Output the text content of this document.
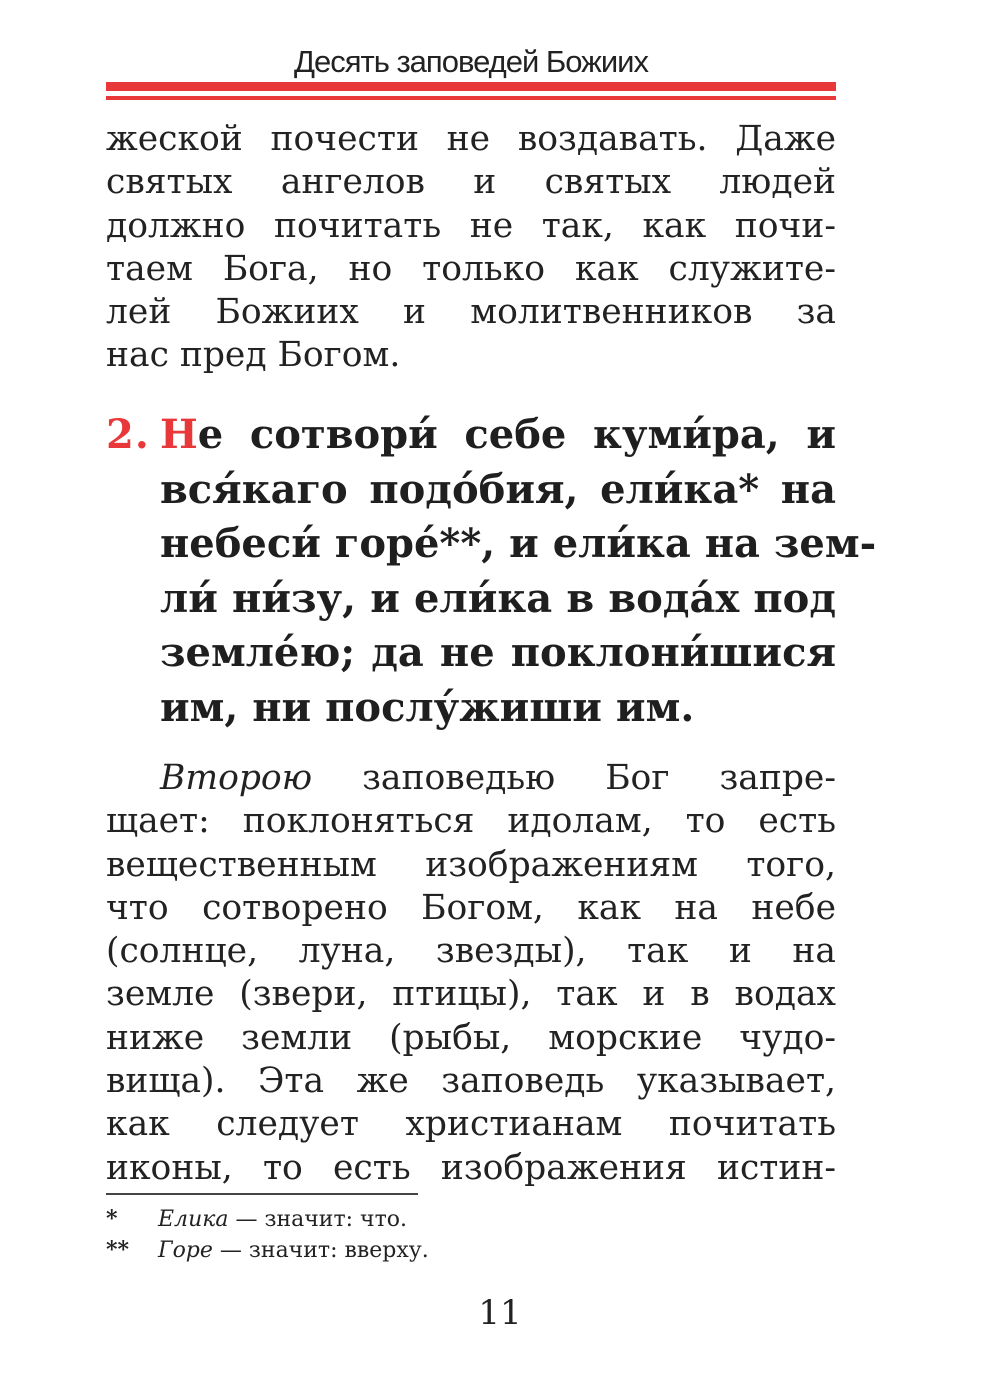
Десять заповедей Божиих
жеской почести не воздавать. Даже
святых ангелов и святых людей
должно почитать не так, как почи-
таем Бога, но только как служите-
лей Божиих и молитвенников за
нас пред Богом.
2. Не сотвори́ себе куми́ра, и
вся́каго подо́бия, ели́ка* на
небеси́ горе́**, и ели́ка на зем-
ли́ ни́зу, и ели́ка в вода́х под
земле́ю; да не поклони́шися
им, ни послу́жиши им.
Второю заповедью Бог запре-
щает: поклоняться идолам, то есть
вещественным изображениям того,
что сотворено Богом, как на небе
(солнце, луна, звезды), так и на
земле (звери, птицы), так и в водах
ниже земли (рыбы, морские чудо-
вища). Эта же заповедь указывает,
как следует христианам почитать
иконы, то есть изображения истин-
* Елика — значит: что.
** Горе — значит: вверху.
11
